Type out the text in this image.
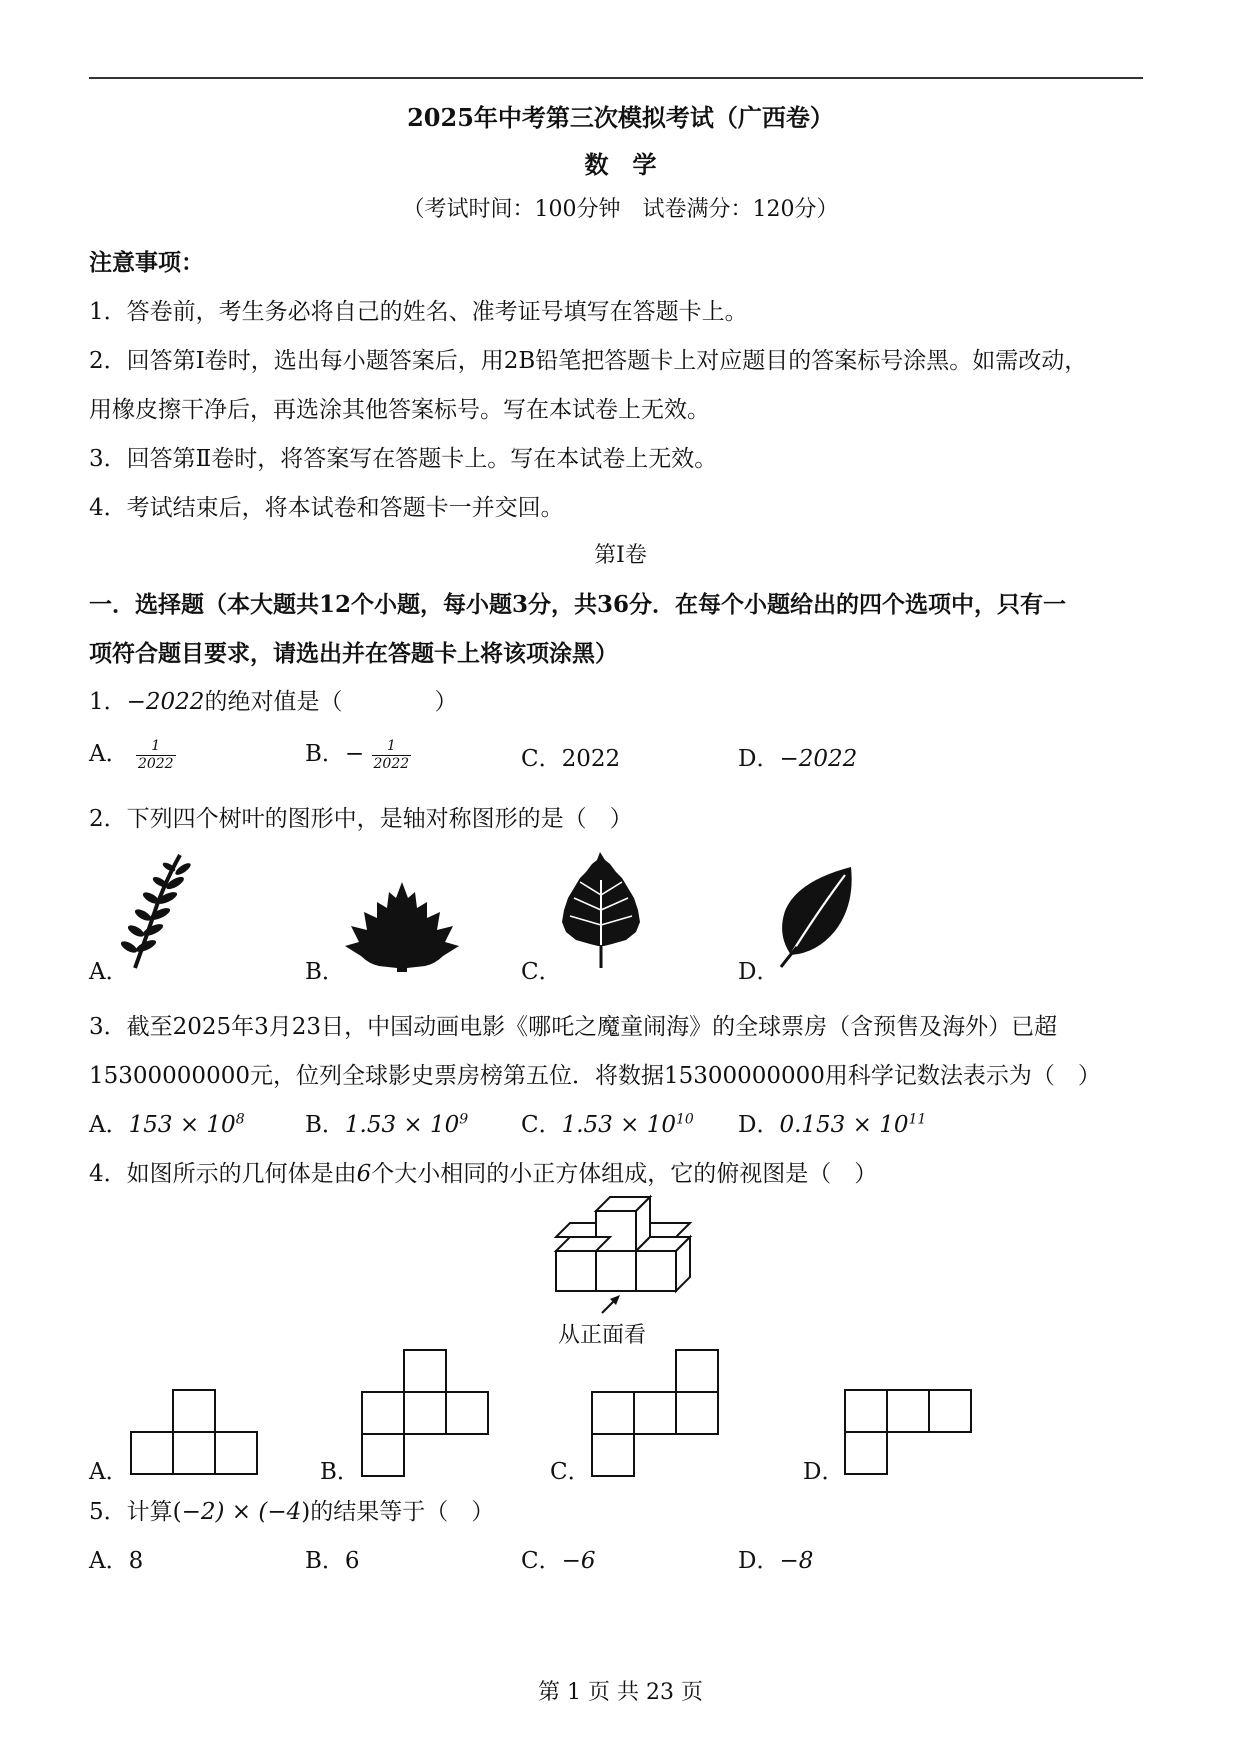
2025年中考第三次模拟考试（广西卷）
数　学
（考试时间：100分钟　试卷满分：120分）
注意事项：
1．答卷前，考生务必将自己的姓名、准考证号填写在答题卡上。
2．回答第Ⅰ卷时，选出每小题答案后，用2B铅笔把答题卡上对应题目的答案标号涂黑。如需改动，
用橡皮擦干净后，再选涂其他答案标号。写在本试卷上无效。
3．回答第Ⅱ卷时，将答案写在答题卡上。写在本试卷上无效。
4．考试结束后，将本试卷和答题卡一并交回。
第Ⅰ卷
一．选择题（本大题共12个小题，每小题3分，共36分．在每个小题给出的四个选项中，只有一
项符合题目要求，请选出并在答题卡上将该项涂黑）
1．−2022的绝对值是（　　　　）
A． $\frac{1}{2022}$	B．− $\frac{1}{2022}$	C．2022	D．−2022
2．下列四个树叶的图形中，是轴对称图形的是（　）
A．	B．	C．	D．
3．截至2025年3月23日，中国动画电影《哪吒之魔童闹海》的全球票房（含预售及海外）已超
15300000000元，位列全球影史票房榜第五位．将数据15300000000用科学记数法表示为（　）
A．$153 \times 10^8$	B．$1.53 \times 10^9$ C．$1.53 \times 10^{10}$ D．$0.153 \times 10^{11}$
4．如图所示的几何体是由6个大小相同的小正方体组成，它的俯视图是（　）
从正面看
A．	B．	C．	D．
5．计算(−2) × (−4)的结果等于（　）
A．8	B．6	C．−6	D．−8
第 1 页 共 23 页
